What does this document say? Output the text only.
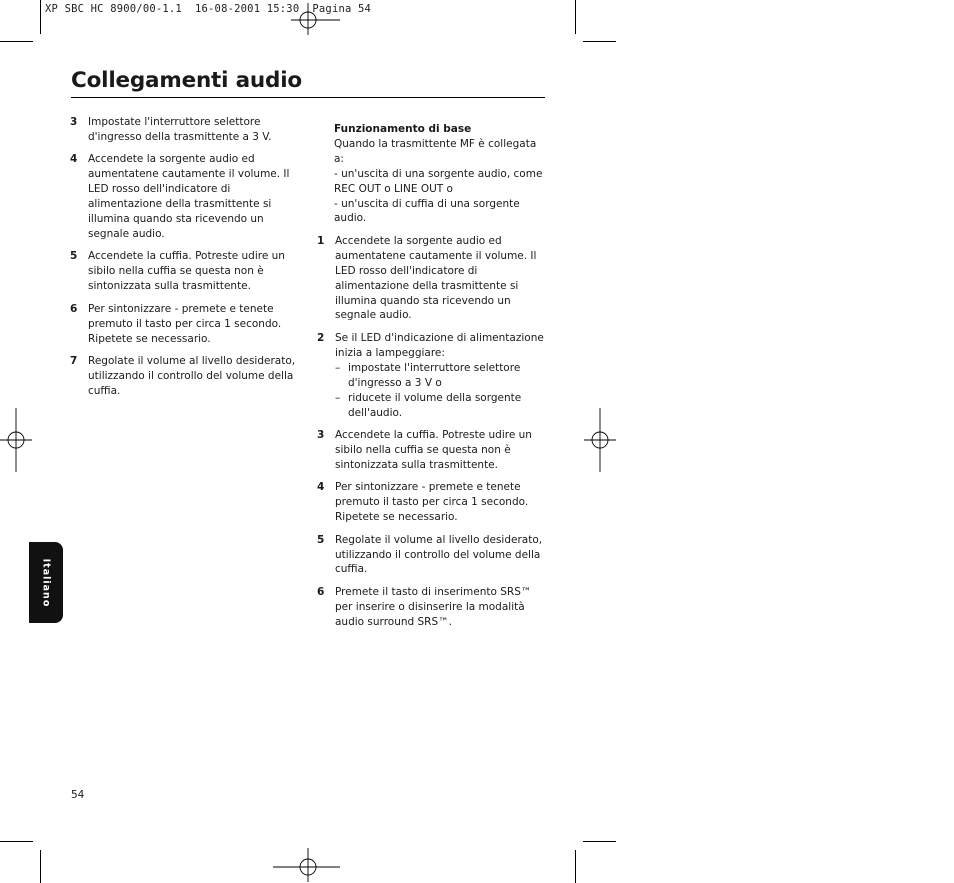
XP SBC HC 8900/00-1.1  16-08-2001 15:30  Pagina 54
Collegamenti audio
3 Impostate l'interruttore selettore d'ingresso della trasmittente a 3 V.
4 Accendete la sorgente audio ed aumentatene cautamente il volume. Il LED rosso dell'indicatore di alimentazione della trasmittente si illumina quando sta ricevendo un segnale audio.
5 Accendete la cuffia. Potreste udire un sibilo nella cuffia se questa non è sintonizzata sulla trasmittente.
6 Per sintonizzare - premete e tenete premuto il tasto per circa 1 secondo. Ripetete se necessario.
7 Regolate il volume al livello desiderato, utilizzando il controllo del volume della cuffia.
Funzionamento di base
Quando la trasmittente MF è collegata a:
- un'uscita di una sorgente audio, come REC OUT o LINE OUT o
- un'uscita di cuffia di una sorgente audio.
1 Accendete la sorgente audio ed aumentatene cautamente il volume. Il LED rosso dell'indicatore di alimentazione della trasmittente si illumina quando sta ricevendo un segnale audio.
2 Se il LED d'indicazione di alimentazione inizia a lampeggiare:
– impostate l'interruttore selettore d'ingresso a 3 V o
– riducete il volume della sorgente dell'audio.
3 Accendete la cuffia. Potreste udire un sibilo nella cuffia se questa non è sintonizzata sulla trasmittente.
4 Per sintonizzare - premete e tenete premuto il tasto per circa 1 secondo. Ripetete se necessario.
5 Regolate il volume al livello desiderato, utilizzando il controllo del volume della cuffia.
6 Premete il tasto di inserimento SRS™ per inserire o disinserire la modalità audio surround SRS™.
Italiano
54
